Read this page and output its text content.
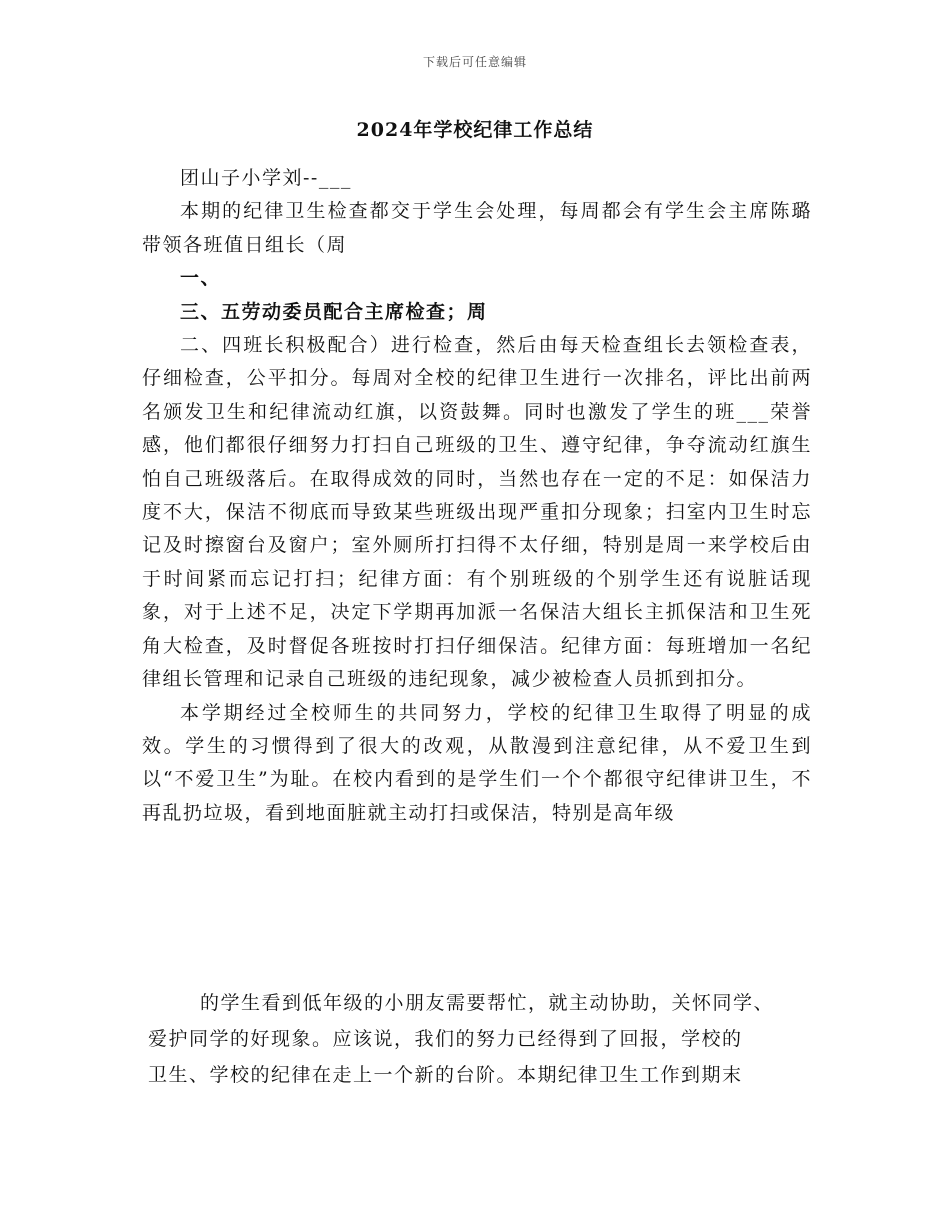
下载后可任意编辑
2024年学校纪律工作总结

团山子小学刘--___

本期的纪律卫生检查都交于学生会处理，每周都会有学生会主席陈璐带领各班值日组长（周

一、

三、五劳动委员配合主席检查；周

二、四班长积极配合）进行检查，然后由每天检查组长去领检查表，仔细检查，公平扣分。每周对全校的纪律卫生进行一次排名，评比出前两名颁发卫生和纪律流动红旗，以资鼓舞。同时也激发了学生的班___荣誉感，他们都很仔细努力打扫自己班级的卫生、遵守纪律，争夺流动红旗生怕自己班级落后。在取得成效的同时，当然也存在一定的不足：如保洁力度不大，保洁不彻底而导致某些班级出现严重扣分现象；扫室内卫生时忘记及时擦窗台及窗户；室外厕所打扫得不太仔细，特别是周一来学校后由于时间紧而忘记打扫；纪律方面：有个别班级的个别学生还有说脏话现象，对于上述不足，决定下学期再加派一名保洁大组长主抓保洁和卫生死角大检查，及时督促各班按时打扫仔细保洁。纪律方面：每班增加一名纪律组长管理和记录自己班级的违纪现象，减少被检查人员抓到扣分。

本学期经过全校师生的共同努力，学校的纪律卫生取得了明显的成效。学生的习惯得到了很大的改观，从散漫到注意纪律，从不爱卫生到以“不爱卫生”为耻。在校内看到的是学生们一个个都很守纪律讲卫生，不再乱扔垃圾，看到地面脏就主动打扫或保洁，特别是高年级

的学生看到低年级的小朋友需要帮忙，就主动协助，关怀同学、

爱护同学的好现象。应该说，我们的努力已经得到了回报，学校的

卫生、学校的纪律在走上一个新的台阶。本期纪律卫生工作到期末
